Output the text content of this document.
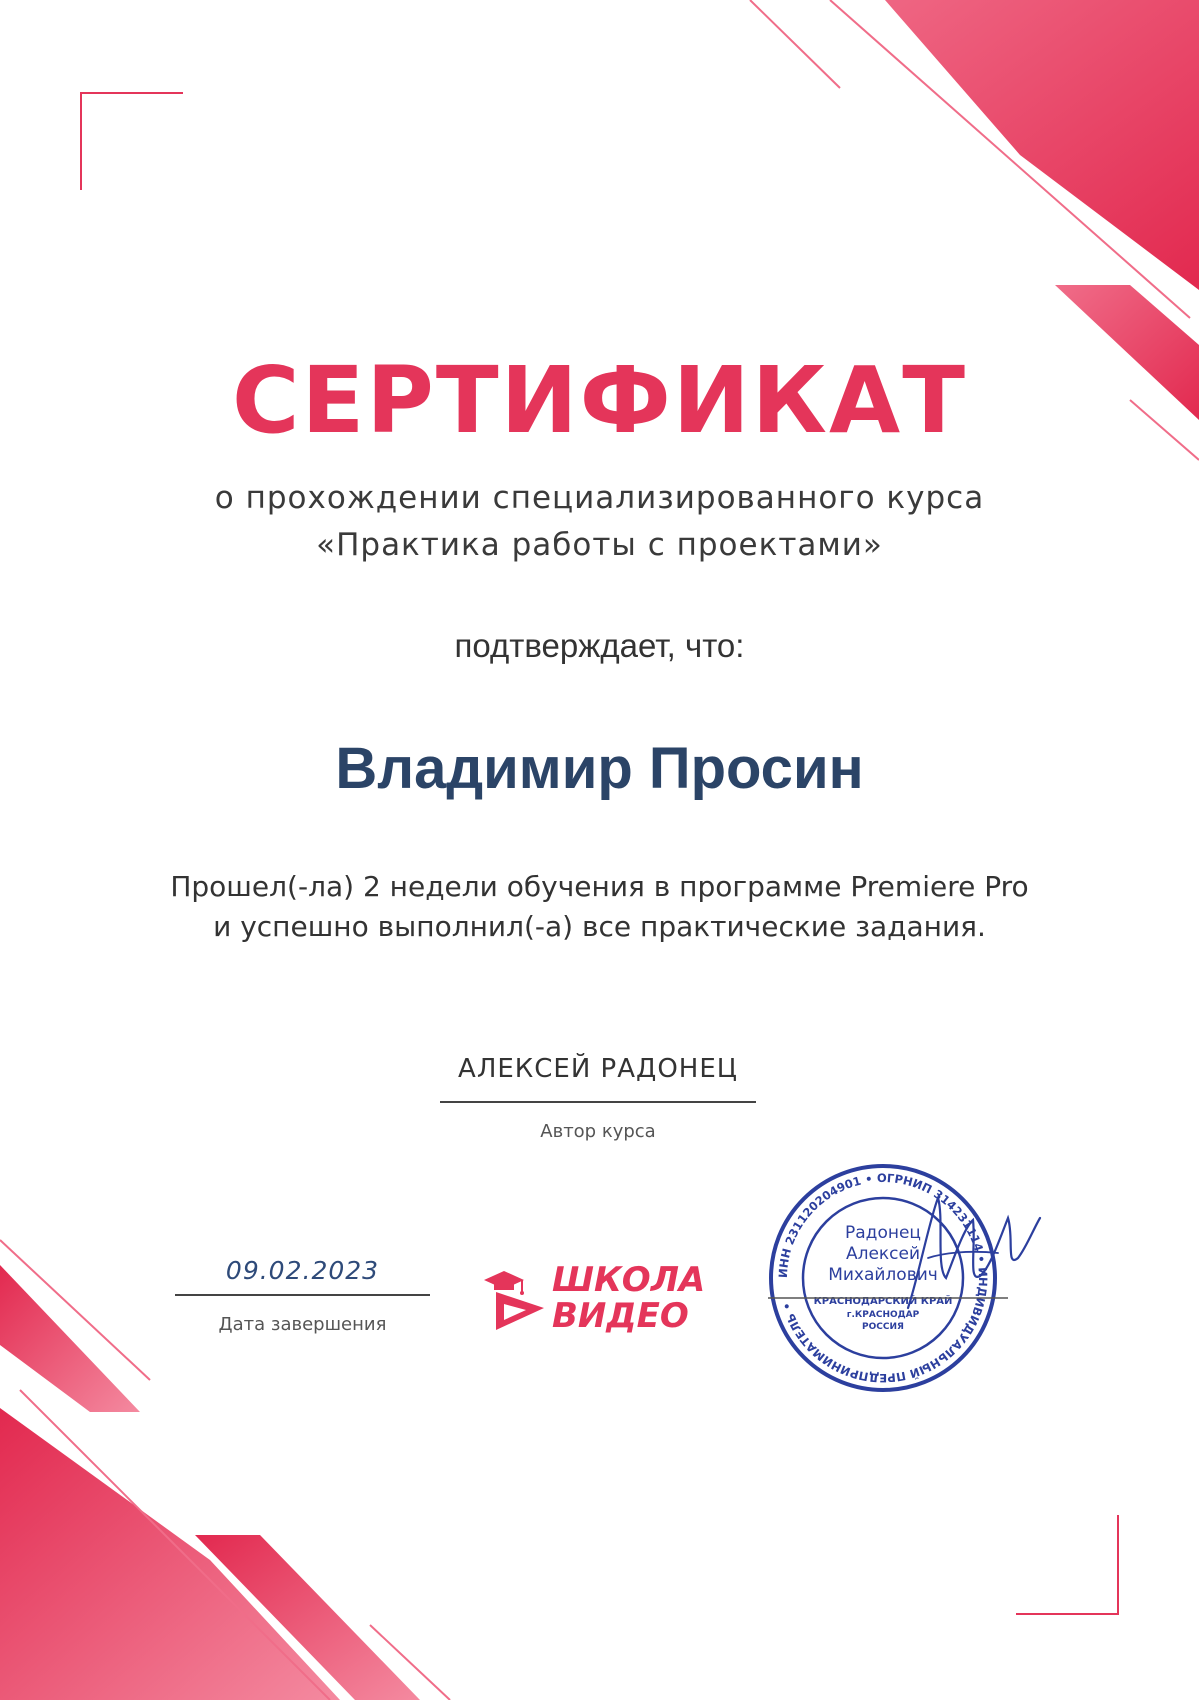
СЕРТИФИКАТ
о прохождении специализированного курса
«Практика работы с проектами»
подтверждает, что:
Владимир Просин
Прошел(-ла) 2 недели обучения в программе Premiere Pro
и успешно выполнил(-а) все практические задания.
АЛЕКСЕЙ РАДОНЕЦ
Автор курса
09.02.2023
Дата завершения
ШКОЛА
ВИДЕО
ИНН 231120204901 • ОГРНИП 314231114 • ИНДИВИДУАЛЬНЫЙ ПРЕДПРИНИМАТЕЛЬ •
Радонец
Алексей
Михайлович
КРАСНОДАРСКИЙ КРАЙ
г.КРАСНОДАР
РОССИЯ
